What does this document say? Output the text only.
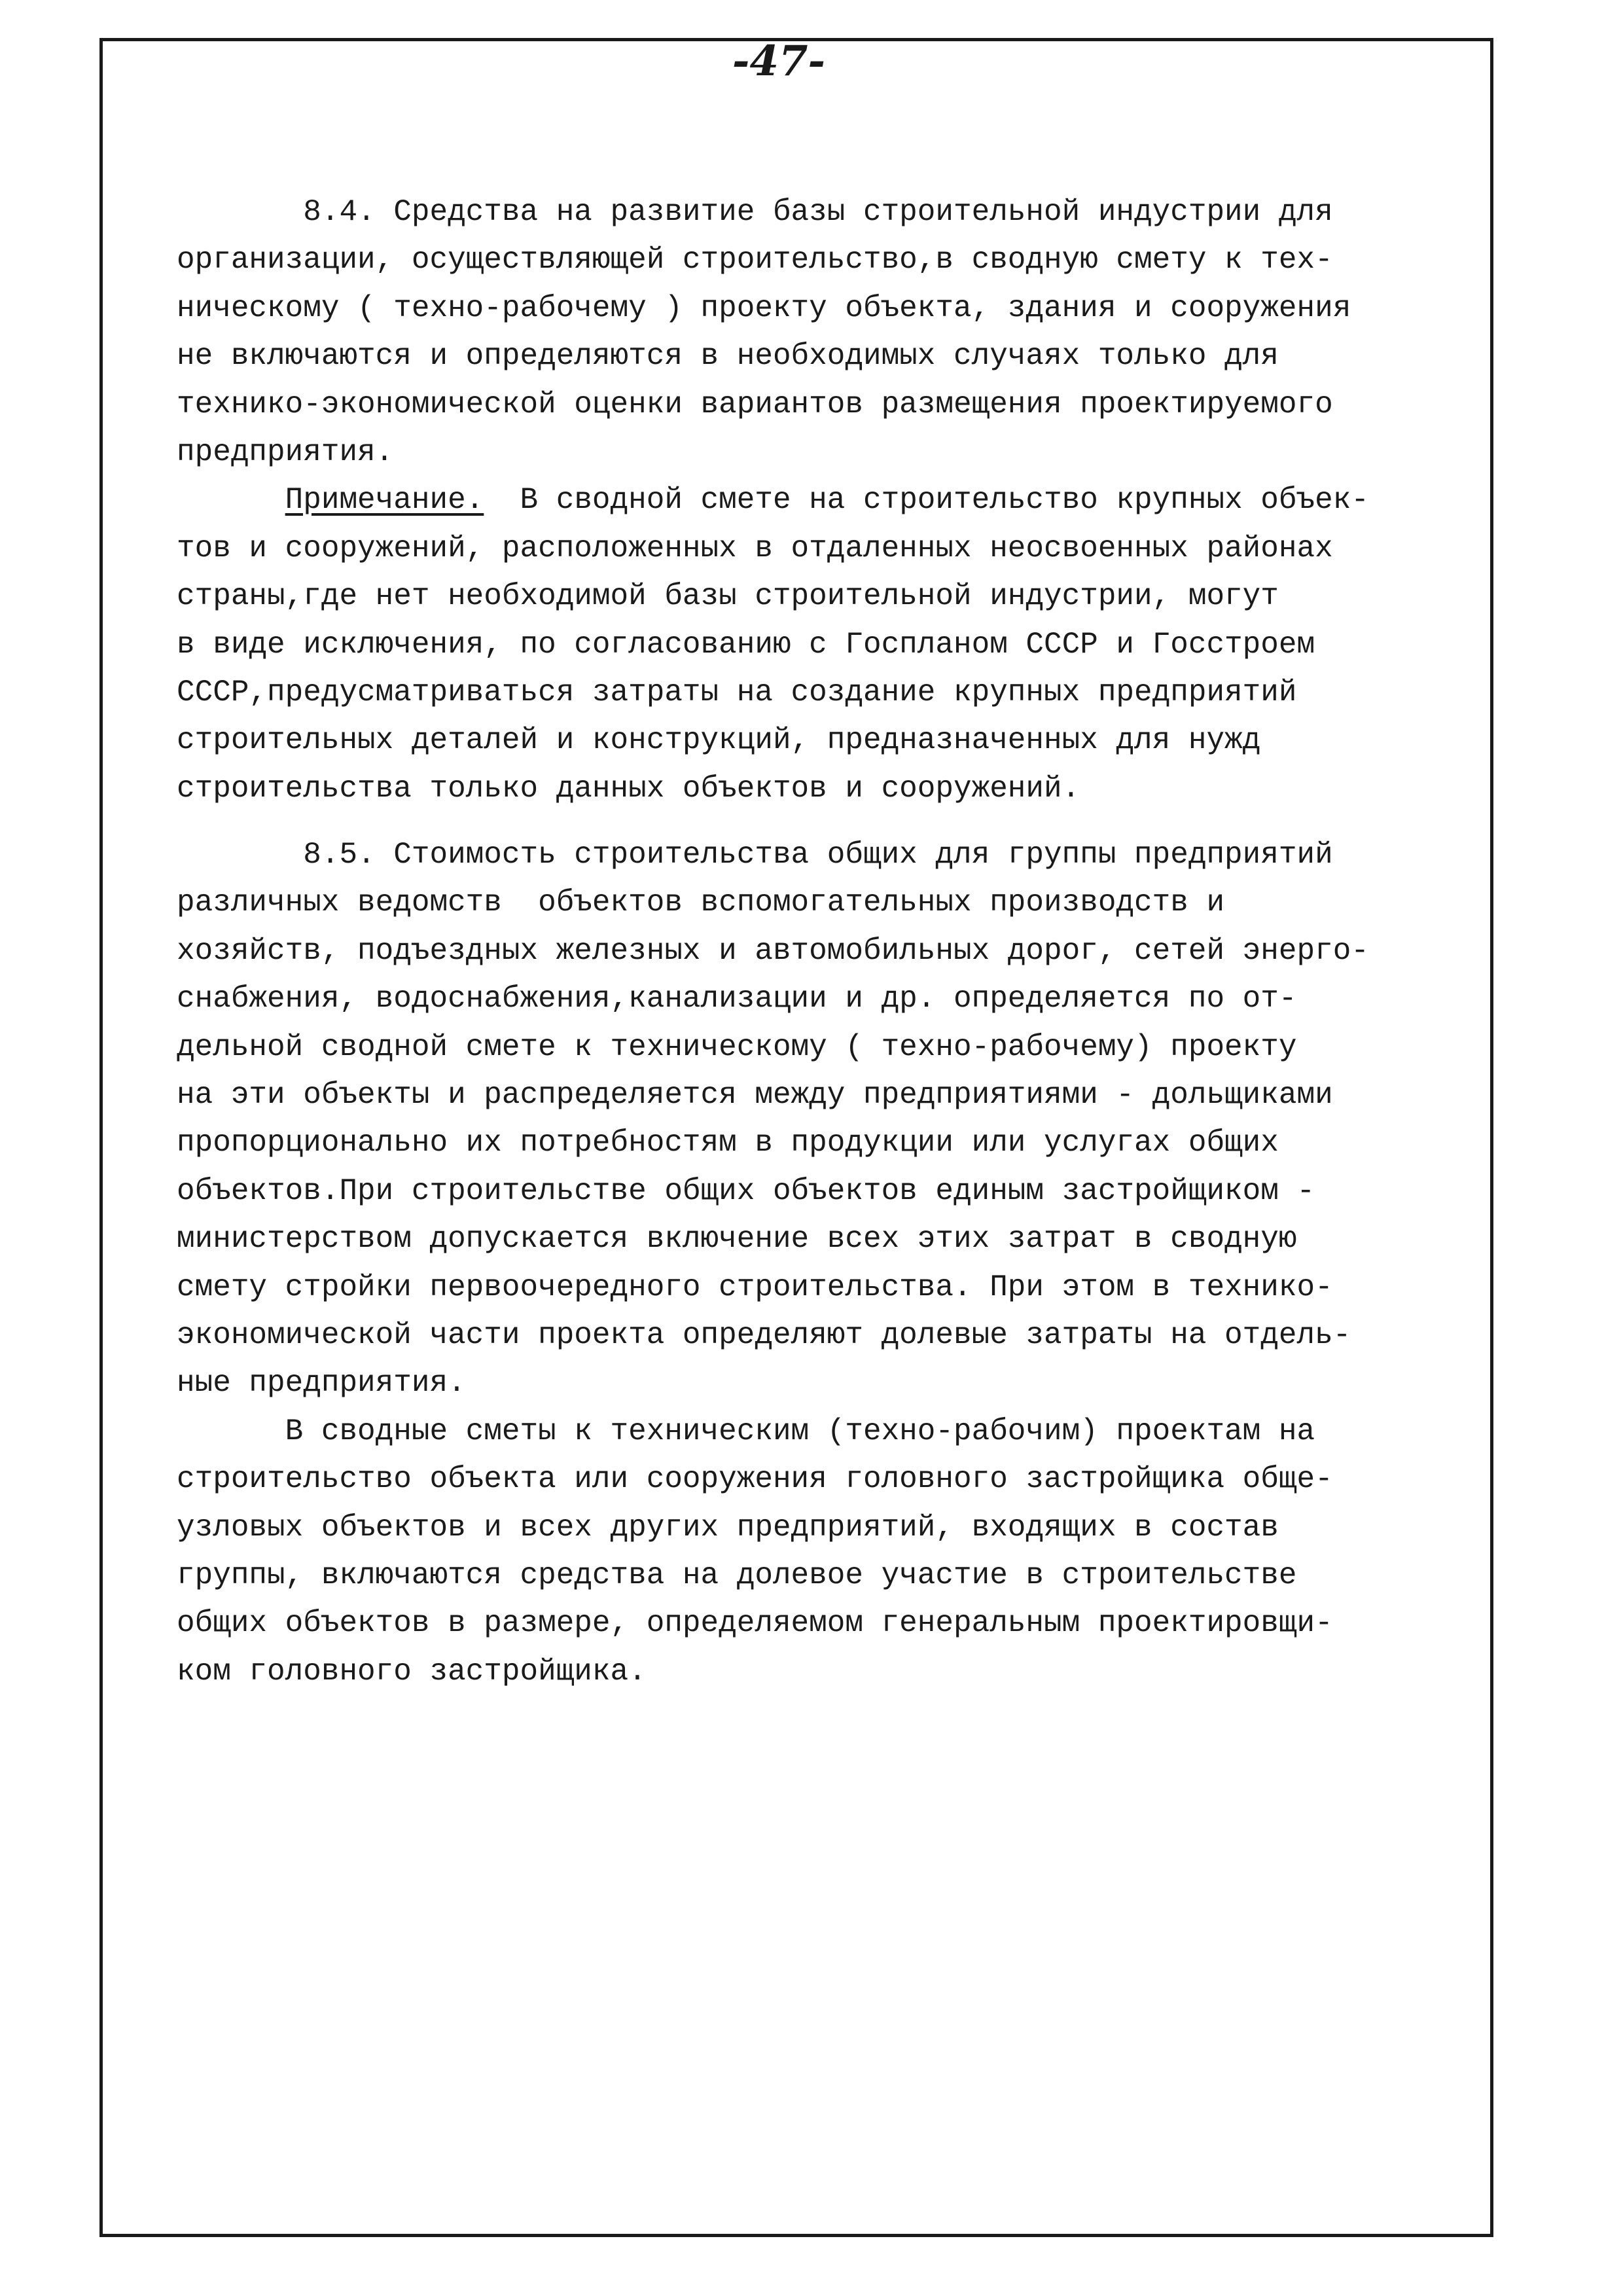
-47-
8.4. Средства на развитие базы строительной индустрии для
организации, осуществляющей строительство,в сводную смету к тех-
ническому ( техно-рабочему ) проекту объекта, здания и сооружения
не включаются и определяются в необходимых случаях только для
технико-экономической оценки вариантов размещения проектируемого
предприятия.
Примечание.  В сводной смете на строительство крупных объек-
тов и сооружений, расположенных в отдаленных неосвоенных районах
страны,где нет необходимой базы строительной индустрии, могут
в виде исключения, по согласованию с Госпланом СССР и Госстроем
СССР,предусматриваться затраты на создание крупных предприятий
строительных деталей и конструкций, предназначенных для нужд
строительства только данных объектов и сооружений.
8.5. Стоимость строительства общих для группы предприятий
различных ведомств  объектов вспомогательных производств и
хозяйств, подъездных железных и автомобильных дорог, сетей энерго-
снабжения, водоснабжения,канализации и др. определяется по от-
дельной сводной смете к техническому ( техно-рабочему) проекту
на эти объекты и распределяется между предприятиями - дольщиками
пропорционально их потребностям в продукции или услугах общих
объектов.При строительстве общих объектов единым застройщиком -
министерством допускается включение всех этих затрат в сводную
смету стройки первоочередного строительства. При этом в технико-
экономической части проекта определяют долевые затраты на отдель-
ные предприятия.
В сводные сметы к техническим (техно-рабочим) проектам на
строительство объекта или сооружения головного застройщика обще-
узловых объектов и всех других предприятий, входящих в состав
группы, включаются средства на долевое участие в строительстве
общих объектов в размере, определяемом генеральным проектировщи-
ком головного застройщика.
